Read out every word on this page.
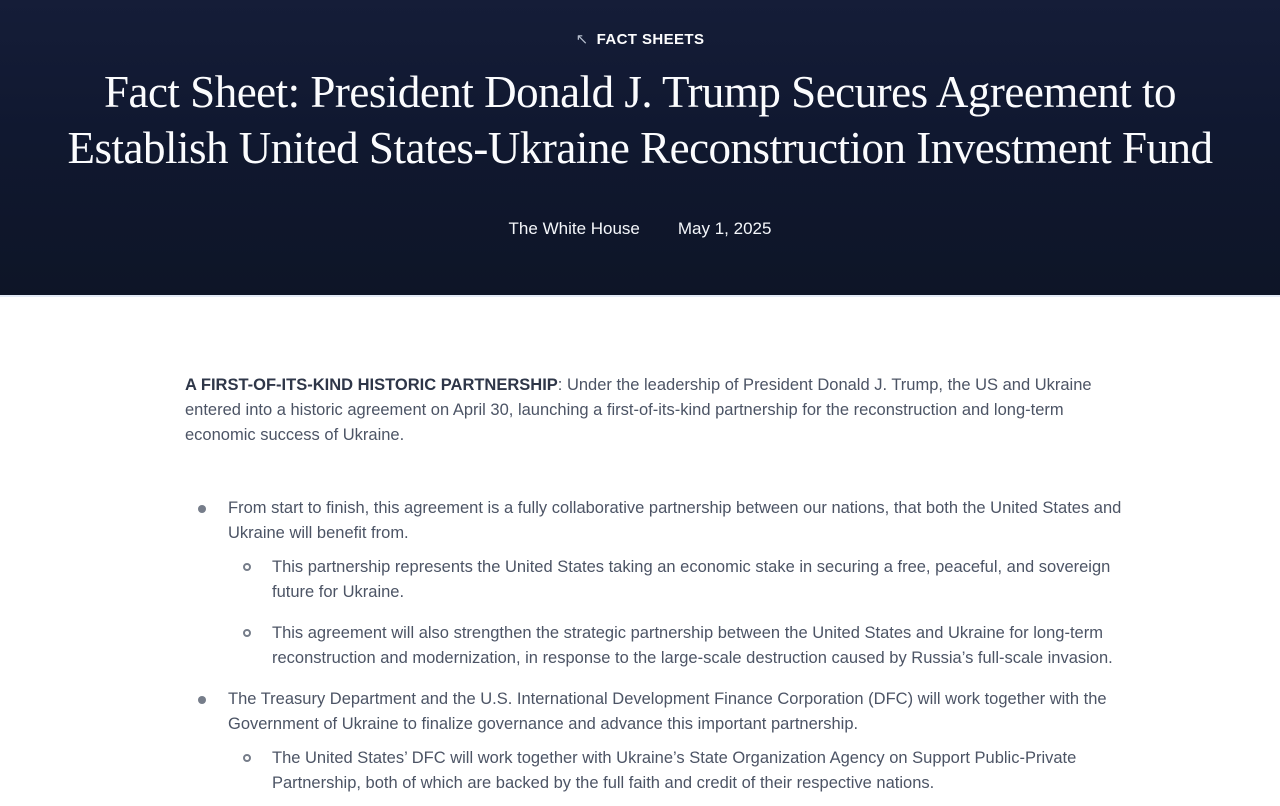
↖ FACT SHEETS
Fact Sheet: President Donald J. Trump Secures Agreement to
Establish United States-Ukraine Reconstruction Investment Fund
The White House May 1, 2025

A FIRST-OF-ITS-KIND HISTORIC PARTNERSHIP: Under the leadership of President Donald J. Trump, the US and Ukraine entered into a historic agreement on April 30, launching a first-of-its-kind partnership for the reconstruction and long-term economic success of Ukraine.

From start to finish, this agreement is a fully collaborative partnership between our nations, that both the United States and Ukraine will benefit from.

This partnership represents the United States taking an economic stake in securing a free, peaceful, and sovereign future for Ukraine.

This agreement will also strengthen the strategic partnership between the United States and Ukraine for long-term reconstruction and modernization, in response to the large-scale destruction caused by Russia’s full-scale invasion.

The Treasury Department and the U.S. International Development Finance Corporation (DFC) will work together with the Government of Ukraine to finalize governance and advance this important partnership.

The United States’ DFC will work together with Ukraine’s State Organization Agency on Support Public-Private Partnership, both of which are backed by the full faith and credit of their respective nations.
